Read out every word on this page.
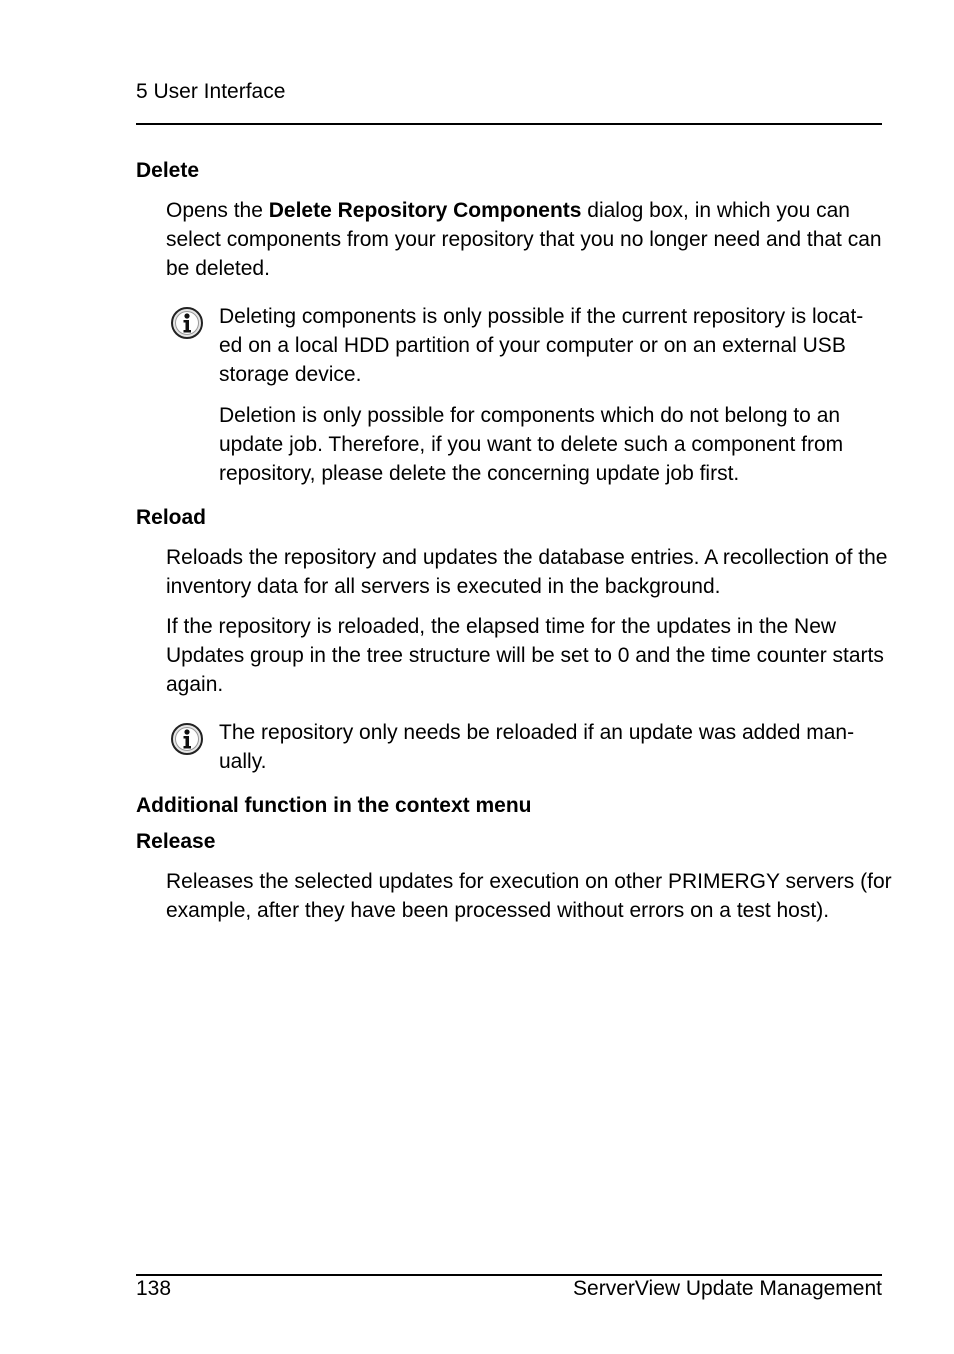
5 User Interface
Delete

Opens the Delete Repository Components dialog box, in which you can select components from your repository that you no longer need and that can be deleted.

Deleting components is only possible if the current repository is locat-
ed on a local HDD partition of your computer or on an external USB
storage device.

Deletion is only possible for components which do not belong to an update job. Therefore, if you want to delete such a component from repository, please delete the concerning update job first.

Reload

Reloads the repository and updates the database entries. A recollection of the inventory data for all servers is executed in the background.

If the repository is reloaded, the elapsed time for the updates in the New Updates group in the tree structure will be set to 0 and the time counter starts again.

The repository only needs be reloaded if an update was added man-
ually.
Additional function in the context menu
Release

Releases the selected updates for execution on other PRIMERGY servers (for example, after they have been processed without errors on a test host).

138	ServerView Update Management
